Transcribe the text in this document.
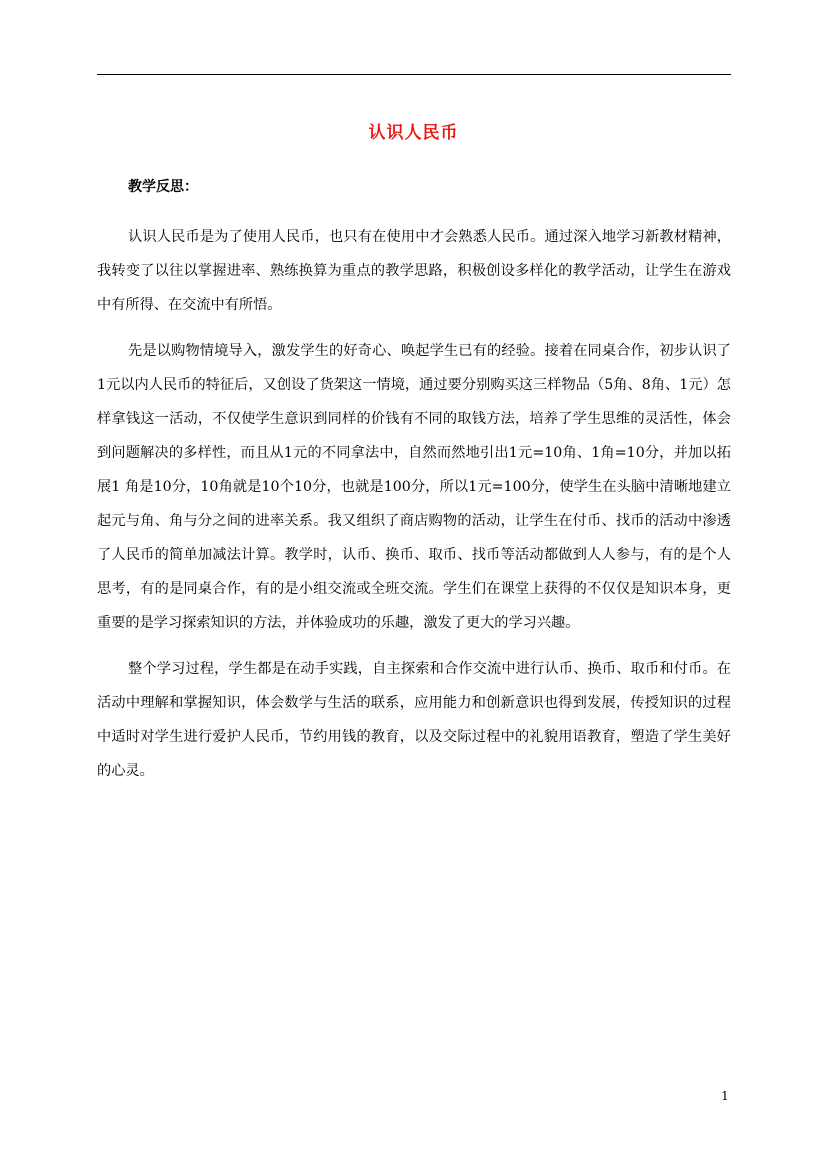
认识人民币
教学反思：

认识人民币是为了使用人民币，也只有在使用中才会熟悉人民币。通过深入地学习新教材精神，我转变了以往以掌握进率、熟练换算为重点的教学思路，积极创设多样化的教学活动，让学生在游戏中有所得、在交流中有所悟。

先是以购物情境导入，激发学生的好奇心、唤起学生已有的经验。接着在同桌合作，初步认识了1元以内人民币的特征后，又创设了货架这一情境，通过要分别购买这三样物品（5角、8角、1元）怎样拿钱这一活动，不仅使学生意识到同样的价钱有不同的取钱方法，培养了学生思维的灵活性，体会到问题解决的多样性，而且从1元的不同拿法中，自然而然地引出1元=10角、1角=10分，并加以拓展1 角是10分，10角就是10个10分，也就是100分，所以1元=100分，使学生在头脑中清晰地建立起元与角、角与分之间的进率关系。我又组织了商店购物的活动，让学生在付币、找币的活动中渗透了人民币的简单加减法计算。教学时，认币、换币、取币、找币等活动都做到人人参与，有的是个人思考，有的是同桌合作，有的是小组交流或全班交流。学生们在课堂上获得的不仅仅是知识本身，更重要的是学习探索知识的方法，并体验成功的乐趣，激发了更大的学习兴趣。

整个学习过程，学生都是在动手实践，自主探索和合作交流中进行认币、换币、取币和付币。在活动中理解和掌握知识，体会数学与生活的联系，应用能力和创新意识也得到发展，传授知识的过程中适时对学生进行爱护人民币，节约用钱的教育，以及交际过程中的礼貌用语教育，塑造了学生美好的心灵。

1
